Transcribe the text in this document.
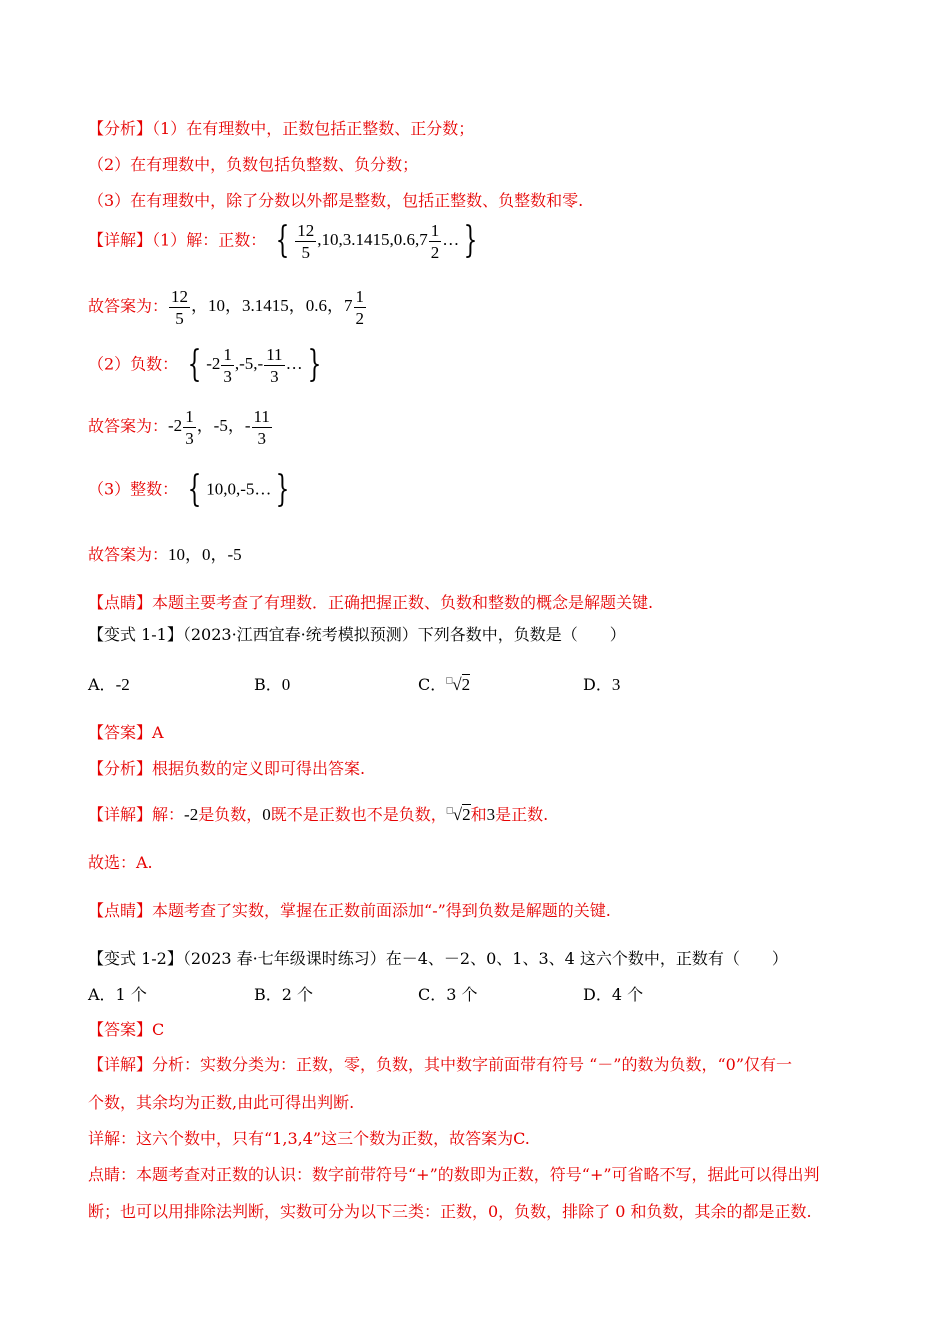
【分析】（1）在有理数中，正数包括正整数、正分数；
（2）在有理数中，负数包括负整数、负分数；
（3）在有理数中，除了分数以外都是整数，包括正整数、负整数和零.
【详解】（1）解：正数： { $\frac{12}{5} ,10,3.1415,0.6,7 \frac{1}{2}$ … }
故答案为： $\frac{12}{5}$ ，10，3.1415，0.6，$7 \frac{1}{2}$
（2）负数： { $-2 \frac{1}{3} ,-5,- \frac{11}{3}$ … }
故答案为：$-2 \frac{1}{3}$ ，-5，- $\frac{11}{3}$
（3）整数： { 10,0,-5… }
故答案为：10，0，-5
【点睛】本题主要考查了有理数．正确把握正数、负数和整数的概念是解题关键.
【变式 1-1】（2023·江西宜春·统考模拟预测）下列各数中，负数是（　　）
A．-2	B．0	C．□√2	D．3
【答案】A
【分析】根据负数的定义即可得出答案.
【详解】解：-2是负数，0既不是正数也不是负数，□√2和3是正数.
故选：A.
【点睛】本题考查了实数，掌握在正数前面添加“-”得到负数是解题的关键.
【变式 1-2】（2023 春·七年级课时练习）在－4、－2、0、1、3、4 这六个数中，正数有（　　）
A．1 个	B．2 个	C．3 个	D．4 个
【答案】C
【详解】分析：实数分类为：正数，零，负数，其中数字前面带有符号 “－”的数为负数，“0”仅有一
个数，其余均为正数,由此可得出判断.
详解：这六个数中，只有“1,3,4”这三个数为正数，故答案为C.
点睛：本题考查对正数的认识：数字前带符号“+”的数即为正数，符号“+”可省略不写，据此可以得出判
断；也可以用排除法判断，实数可分为以下三类：正数，0，负数，排除了 0 和负数，其余的都是正数.
